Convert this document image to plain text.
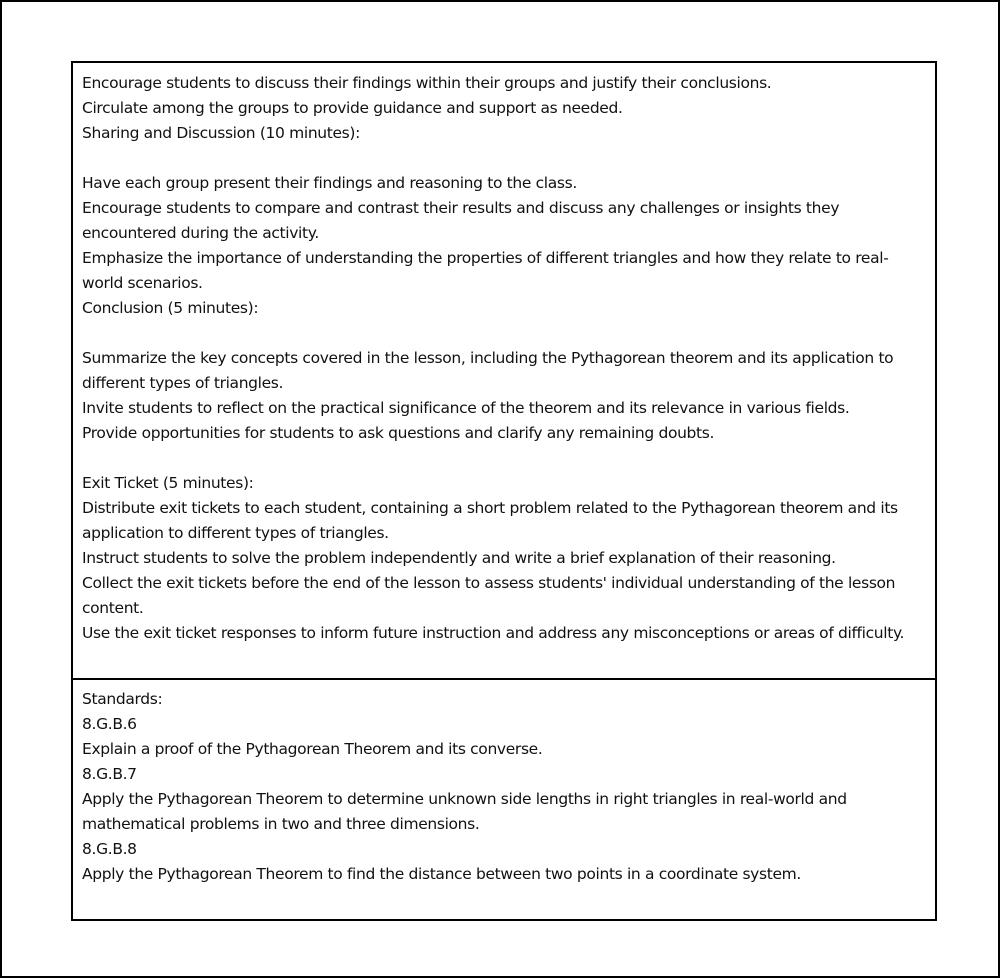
Encourage students to discuss their findings within their groups and justify their conclusions.
Circulate among the groups to provide guidance and support as needed.
Sharing and Discussion (10 minutes):
Have each group present their findings and reasoning to the class.
Encourage students to compare and contrast their results and discuss any challenges or insights they encountered during the activity.
Emphasize the importance of understanding the properties of different triangles and how they relate to real-world scenarios.
Conclusion (5 minutes):
Summarize the key concepts covered in the lesson, including the Pythagorean theorem and its application to different types of triangles.
Invite students to reflect on the practical significance of the theorem and its relevance in various fields.
Provide opportunities for students to ask questions and clarify any remaining doubts.
Exit Ticket (5 minutes):
Distribute exit tickets to each student, containing a short problem related to the Pythagorean theorem and its application to different types of triangles.
Instruct students to solve the problem independently and write a brief explanation of their reasoning.
Collect the exit tickets before the end of the lesson to assess students' individual understanding of the lesson content.
Use the exit ticket responses to inform future instruction and address any misconceptions or areas of difficulty.
Standards:
8.G.B.6
Explain a proof of the Pythagorean Theorem and its converse.
8.G.B.7
Apply the Pythagorean Theorem to determine unknown side lengths in right triangles in real-world and mathematical problems in two and three dimensions.
8.G.B.8
Apply the Pythagorean Theorem to find the distance between two points in a coordinate system.
